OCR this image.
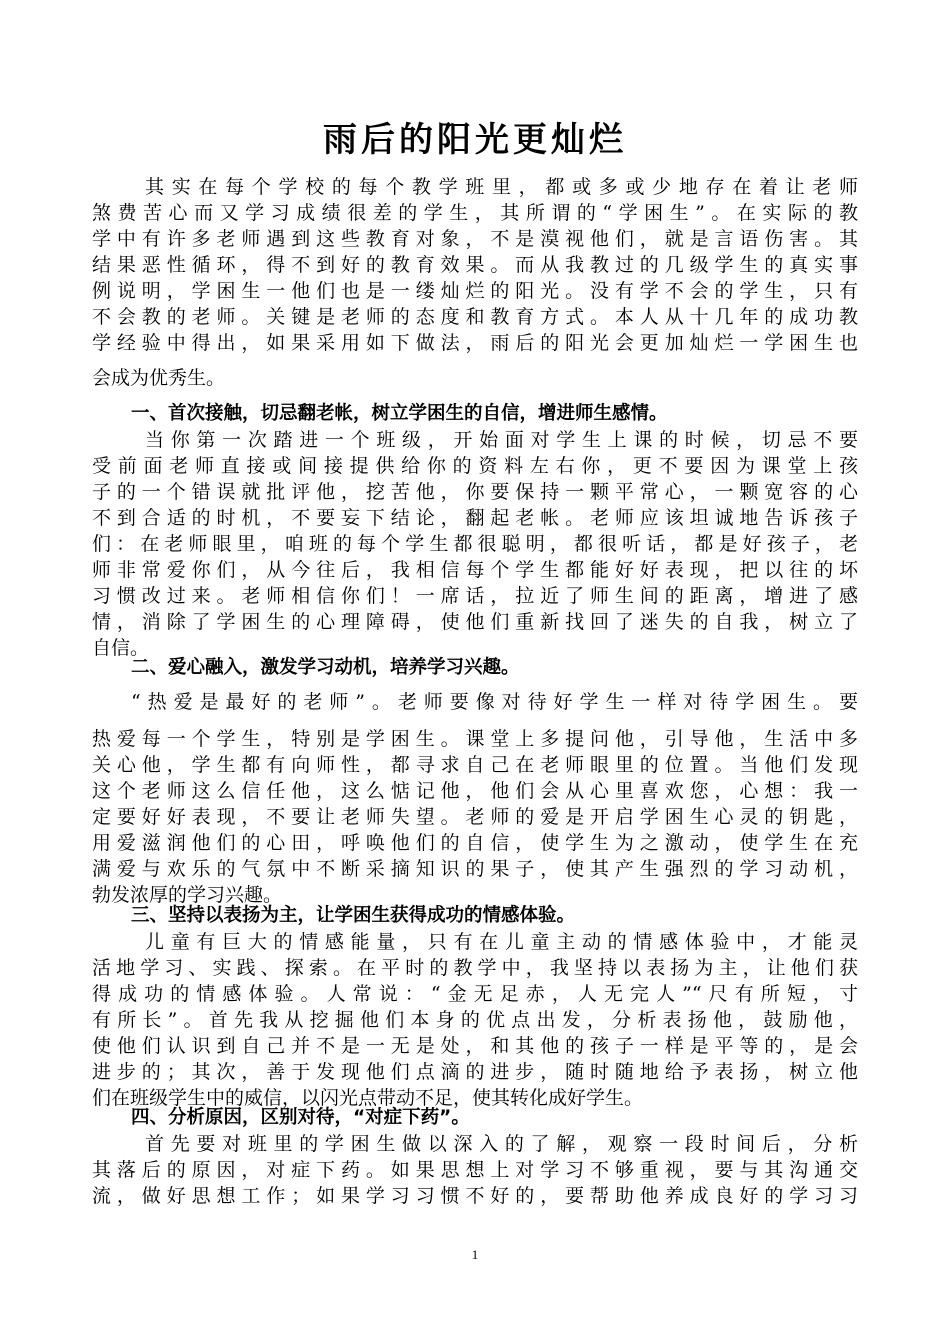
雨后的阳光更灿烂
其实在每个学校的每个教学班里，都或多或少地存在着让老师
煞费苦心而又学习成绩很差的学生，其所谓的“学困生”。在实际的教
学中有许多老师遇到这些教育对象，不是漠视他们，就是言语伤害。其
结果恶性循环，得不到好的教育效果。而从我教过的几级学生的真实事
例说明，学困生一他们也是一缕灿烂的阳光。没有学不会的学生，只有
不会教的老师。关键是老师的态度和教育方式。本人从十几年的成功教
学经验中得出，如果采用如下做法，雨后的阳光会更加灿烂一学困生也
会成为优秀生。
一、首次接触，切忌翻老帐，树立学困生的自信，增进师生感情。
当你第一次踏进一个班级，开始面对学生上课的时候，切忌不要
受前面老师直接或间接提供给你的资料左右你，更不要因为课堂上孩
子的一个错误就批评他，挖苦他，你要保持一颗平常心，一颗宽容的心
不到合适的时机，不要妄下结论，翻起老帐。老师应该坦诚地告诉孩子
们：在老师眼里，咱班的每个学生都很聪明，都很听话，都是好孩子，老
师非常爱你们，从今往后，我相信每个学生都能好好表现，把以往的坏
习惯改过来。老师相信你们！一席话，拉近了师生间的距离，增进了感
情，消除了学困生的心理障碍，使他们重新找回了迷失的自我，树立了
自信。
二、爱心融入，激发学习动机，培养学习兴趣。
“热爱是最好的老师”。老师要像对待好学生一样对待学困生。要
热爱每一个学生，特别是学困生。课堂上多提问他，引导他，生活中多
关心他，学生都有向师性，都寻求自己在老师眼里的位置。当他们发现
这个老师这么信任他，这么惦记他，他们会从心里喜欢您，心想：我一
定要好好表现，不要让老师失望。老师的爱是开启学困生心灵的钥匙，
用爱滋润他们的心田，呼唤他们的自信，使学生为之激动，使学生在充
满爱与欢乐的气氛中不断采摘知识的果子，使其产生强烈的学习动机，
勃发浓厚的学习兴趣。
三、坚持以表扬为主，让学困生获得成功的情感体验。
儿童有巨大的情感能量，只有在儿童主动的情感体验中，才能灵
活地学习、实践、探索。在平时的教学中，我坚持以表扬为主，让他们获
得成功的情感体验。人常说：“金无足赤，人无完人”“尺有所短，寸
有所长”。首先我从挖掘他们本身的优点出发，分析表扬他，鼓励他，
使他们认识到自己并不是一无是处，和其他的孩子一样是平等的，是会
进步的；其次，善于发现他们点滴的进步，随时随地给予表扬，树立他
们在班级学生中的威信，以闪光点带动不足，使其转化成好学生。
四、分析原因，区别对待，“对症下药”。
首先要对班里的学困生做以深入的了解，观察一段时间后，分析
其落后的原因，对症下药。如果思想上对学习不够重视，要与其沟通交
流，做好思想工作；如果学习习惯不好的，要帮助他养成良好的学习习
1
